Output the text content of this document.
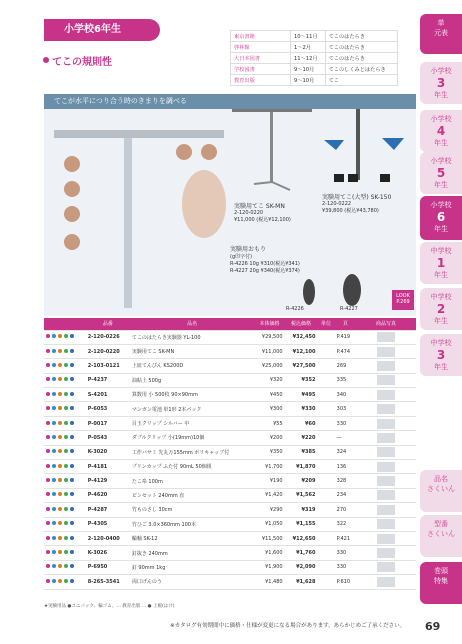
小学校6年生
てこの規則性
東京書籍	10〜11月	てこのはたらき
啓林館	1〜2月	てこのはたらき
大日本図書	11〜12月	てこのはたらき
学校図書	9〜10月	てこのしくみとはたらき
教育出版	9〜10月	てこ
実験用てこ SK-MN
2-120-0220
¥11,000 (税込¥12,100)
実験用てこ(大型) SK-150
2-120-0222
¥39,800 (税込¥43,780)
実験用おもり
(g印字付)
R-4226 10g ¥310(税込¥341)
R-4227 20g ¥340(税込¥374)
R-4226	R-4227
LOOK P.269
てこが水平につり合う時のきまりを調べる
	品番	品名	本体価格	税込価格	単位	頁	商品写真
	2-120-0226	てこのはたらき実験器 YL-100	¥29,500	¥32,450		P.419	

	2-120-0220	実験用てこ SK-MN	¥11,000	¥12,100		P.474	

	2-103-0121	上皿てんびん KS200D	¥25,000	¥27,500		269	

	P-4237	油粘土 500g	¥320	¥352		335	

	S-4201	算数用 小 500枚 90×90mm	¥450	¥495		340	

	P-6053	マンガン電池 単1形 2本パック	¥300	¥330		303	

	P-0017	目玉クリップ シルバー 中	¥55	¥60		330	

	P-0543	ダブルクリップ 小(19mm)10個	¥200	¥220		―	

	K-3020	工作バサミ 先丸万155mm ポリキャップ付	¥350	¥385		324	

	P-4181	プリンカップ ふた付 90mL 50個組	¥1,700	¥1,870		136	

	P-4129	たこ糸 100m	¥190	¥209		328	

	P-4620	ピンセット 240mm 直	¥1,420	¥1,562		234	

	P-4287	竹ものさし 30cm	¥290	¥319		270	

	P-4305	竹ひご 3.0×360mm 100本	¥1,050	¥1,155		322	

	2-120-0400	輪軸 SK-12	¥11,500	¥12,650		P.421	

	K-3026	釘抜き 240mm	¥1,600	¥1,760		330	

	P-6950	釘 90mm 1kg	¥1,900	¥2,090		330	

	8-265-3541	両口げんのう	¥1,480	¥1,628		P.610	
★実験用品 ●ユニパック、輪ゴム、… 教育出版 … ● 上履(はけ)
単
元表
小学校
3
年生
小学校
4
年生
小学校
5
年生
小学校
6
年生
中学校
1
年生
中学校
2
年生
中学校
3
年生
品名
さくいん
型番
さくいん
巻頭
特集
※カタログ有効期間中に価格・仕様が変更になる場合があります。あらかじめご了承ください。 69
